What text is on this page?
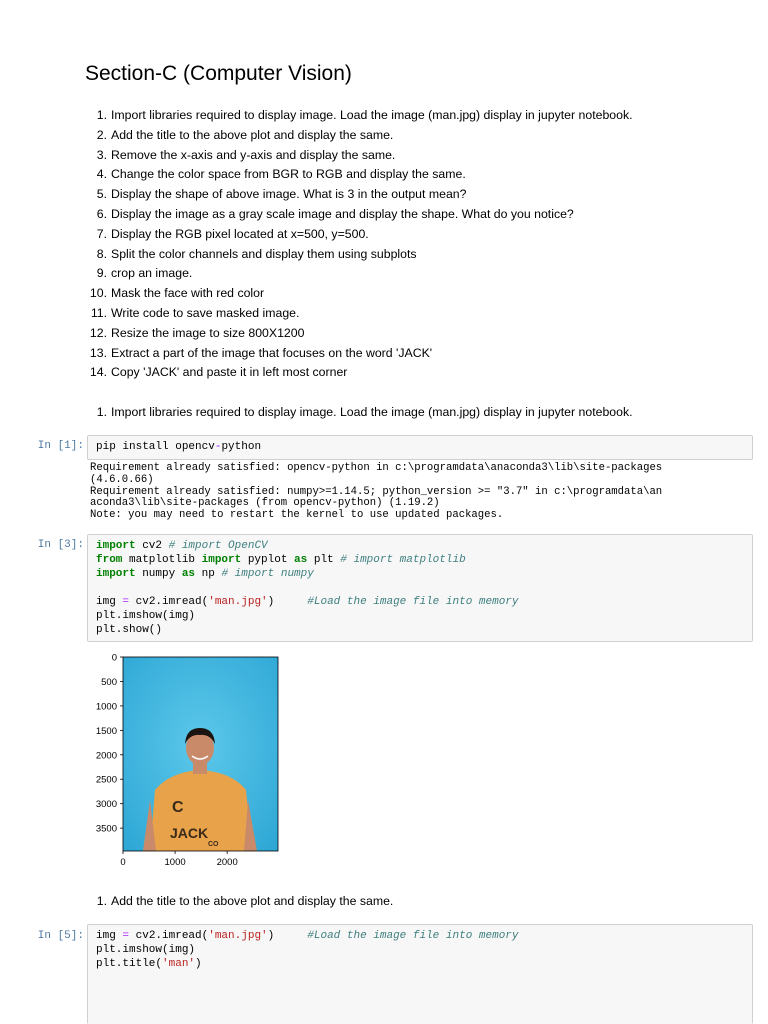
Section-C (Computer Vision)
1. Import libraries required to display image. Load the image (man.jpg) display in jupyter notebook.
2. Add the title to the above plot and display the same.
3. Remove the x-axis and y-axis and display the same.
4. Change the color space from BGR to RGB and display the same.
5. Display the shape of above image. What is 3 in the output mean?
6. Display the image as a gray scale image and display the shape. What do you notice?
7. Display the RGB pixel located at x=500, y=500.
8. Split the color channels and display them using subplots
9. crop an image.
10. Mask the face with red color
11. Write code to save masked image.
12. Resize the image to size 800X1200
13. Extract a part of the image that focuses on the word 'JACK'
14. Copy 'JACK' and paste it in left most corner
1. Import libraries required to display image. Load the image (man.jpg) display in jupyter notebook.
In [1]: pip install opencv-python
Requirement already satisfied: opencv-python in c:\programdata\anaconda3\lib\site-packages
(4.6.0.66)
Requirement already satisfied: numpy>=1.14.5; python_version >= "3.7" in c:\programdata\an
aconda3\lib\site-packages (from opencv-python) (1.19.2)
Note: you may need to restart the kernel to use updated packages.
In [3]: import cv2 # import OpenCV
from matplotlib import pyplot as plt # import matplotlib
import numpy as np # import numpy

img = cv2.imread('man.jpg')     #Load the image file into memory
plt.imshow(img)
plt.show()
C
JACK
CO
0
500
1000
1500
2000
2500
3000
3500
0	1000	2000
1. Add the title to the above plot and display the same.
In [5]: img = cv2.imread('man.jpg')     #Load the image file into memory
plt.imshow(img)
plt.title('man')
